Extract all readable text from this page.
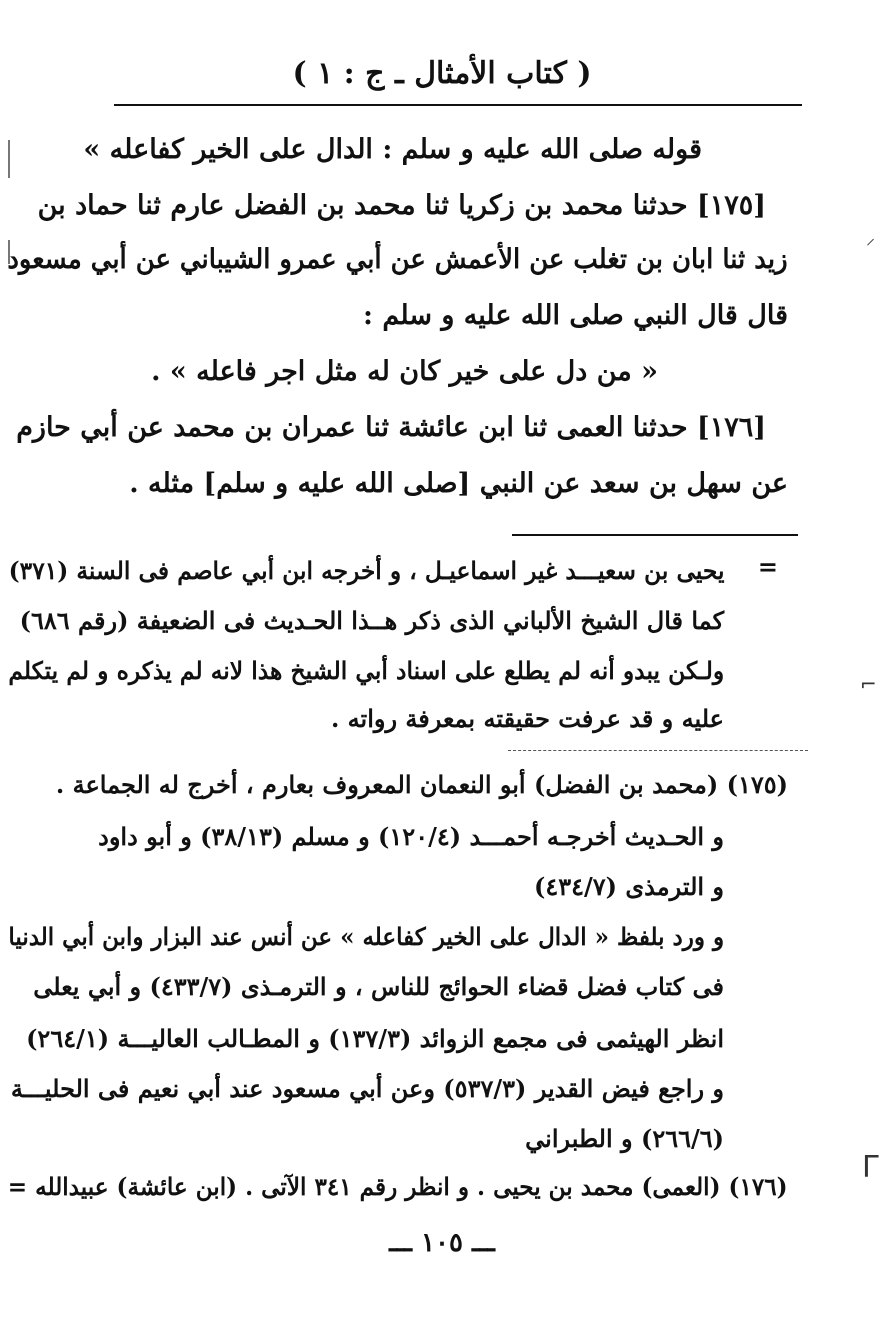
( كتاب الأمثال ـ ج : ١ )
⸝
⌐
ᒥ
قوله صلى الله عليه و سلم : الدال على الخير كفاعله »
[١٧٥] حدثنا محمد بن زكريا ثنا محمد بن الفضل عارم ثنا حماد بن
زيد ثنا ابان بن تغلب عن الأعمش عن أبي عمرو الشيباني عن أبي مسعود
قال قال النبي صلى الله عليه و سلم :
« من دل على خير كان له مثل اجر فاعله » .
[١٧٦] حدثنا العمى ثنا ابن عائشة ثنا عمران بن محمد عن أبي حازم
عن سهل بن سعد عن النبي [صلى الله عليه و سلم] مثله .
=
يحيى بن سعيـــد غير اسماعيـل ، و أخرجه ابن أبي عاصم فى السنة (٣٧١)
كما قال الشيخ الألباني الذى ذكر هــذا الحـديث فى الضعيفة (رقم ٦٨٦)
ولـكن يبدو أنه لم يطلع على اسناد أبي الشيخ هذا لانه لم يذكره و لم يتكلم
عليه و قد عرفت حقيقته بمعرفة رواته .
(١٧٥) (محمد بن الفضل) أبو النعمان المعروف بعارم ، أخرج له الجماعة .
و الحـديث أخرجـه أحمـــد (١٢٠/٤) و مسلم (٣٨/١٣) و أبو داود
و الترمذى (٤٣٤/٧)
و ورد بلفظ « الدال على الخير كفاعله » عن أنس عند البزار وابن أبي الدنيا
فى كتاب فضل قضاء الحوائج للناس ، و الترمـذى (٤٣٣/٧) و أبي يعلى
انظر الهيثمى فى مجمع الزوائد (١٣٧/٣) و المطـالب العاليـــة (٢٦٤/١)
و راجع فيض القدير (٥٣٧/٣) وعن أبي مسعود عند أبي نعيم فى الحليـــة
(٢٦٦/٦) و الطبراني
(١٧٦) (العمى) محمد بن يحيى . و انظر رقم ٣٤١ الآتى . (ابن عائشة) عبيدالله =
ـــ ١٠٥ ـــ
